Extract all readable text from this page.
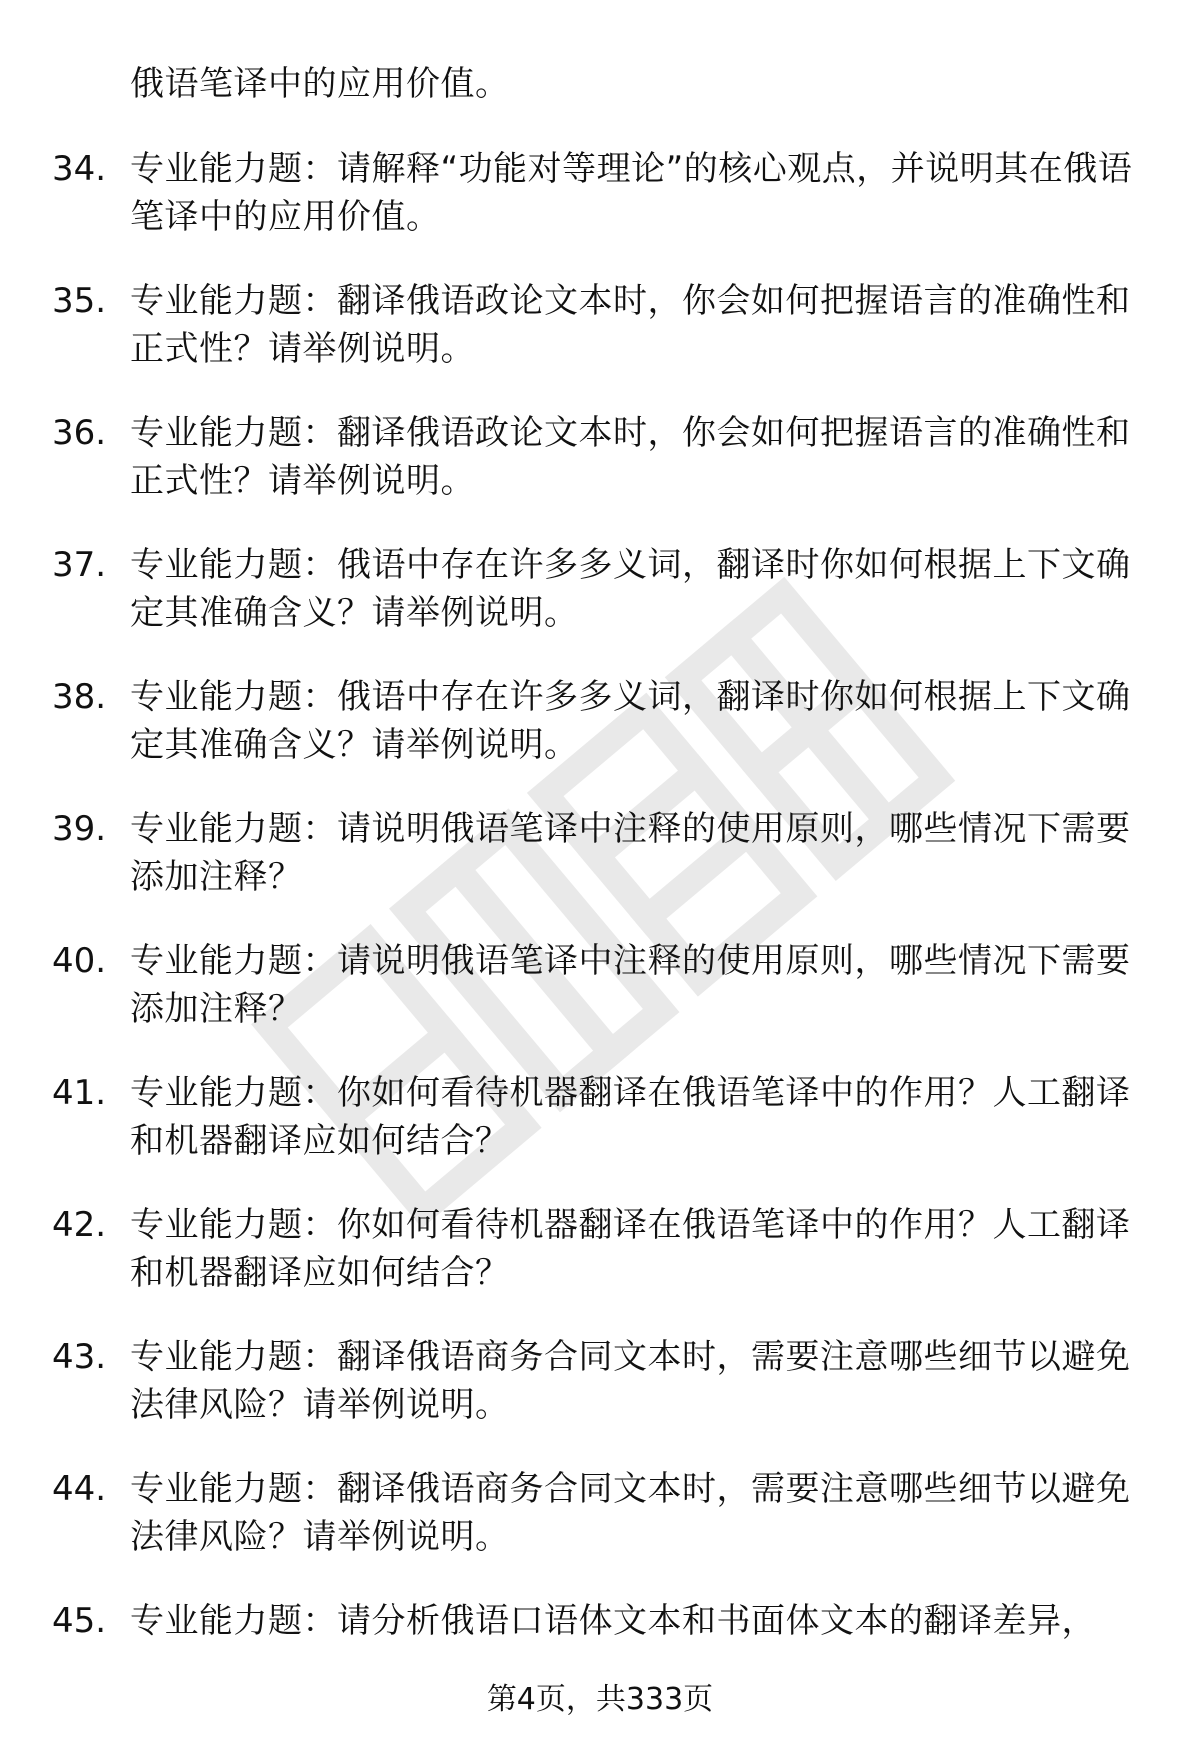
俄语笔译中的应用价值。
34. 专业能力题：请解释“功能对等理论”的核心观点，并说明其在俄语笔译中的应用价值。
35. 专业能力题：翻译俄语政论文本时，你会如何把握语言的准确性和正式性？请举例说明。
36. 专业能力题：翻译俄语政论文本时，你会如何把握语言的准确性和正式性？请举例说明。
37. 专业能力题：俄语中存在许多多义词，翻译时你如何根据上下文确定其准确含义？请举例说明。
38. 专业能力题：俄语中存在许多多义词，翻译时你如何根据上下文确定其准确含义？请举例说明。
39. 专业能力题：请说明俄语笔译中注释的使用原则，哪些情况下需要添加注释？
40. 专业能力题：请说明俄语笔译中注释的使用原则，哪些情况下需要添加注释？
41. 专业能力题：你如何看待机器翻译在俄语笔译中的作用？人工翻译和机器翻译应如何结合？
42. 专业能力题：你如何看待机器翻译在俄语笔译中的作用？人工翻译和机器翻译应如何结合？
43. 专业能力题：翻译俄语商务合同文本时，需要注意哪些细节以避免法律风险？请举例说明。
44. 专业能力题：翻译俄语商务合同文本时，需要注意哪些细节以避免法律风险？请举例说明。
45. 专业能力题：请分析俄语口语体文本和书面体文本的翻译差异，
第4页，共333页
